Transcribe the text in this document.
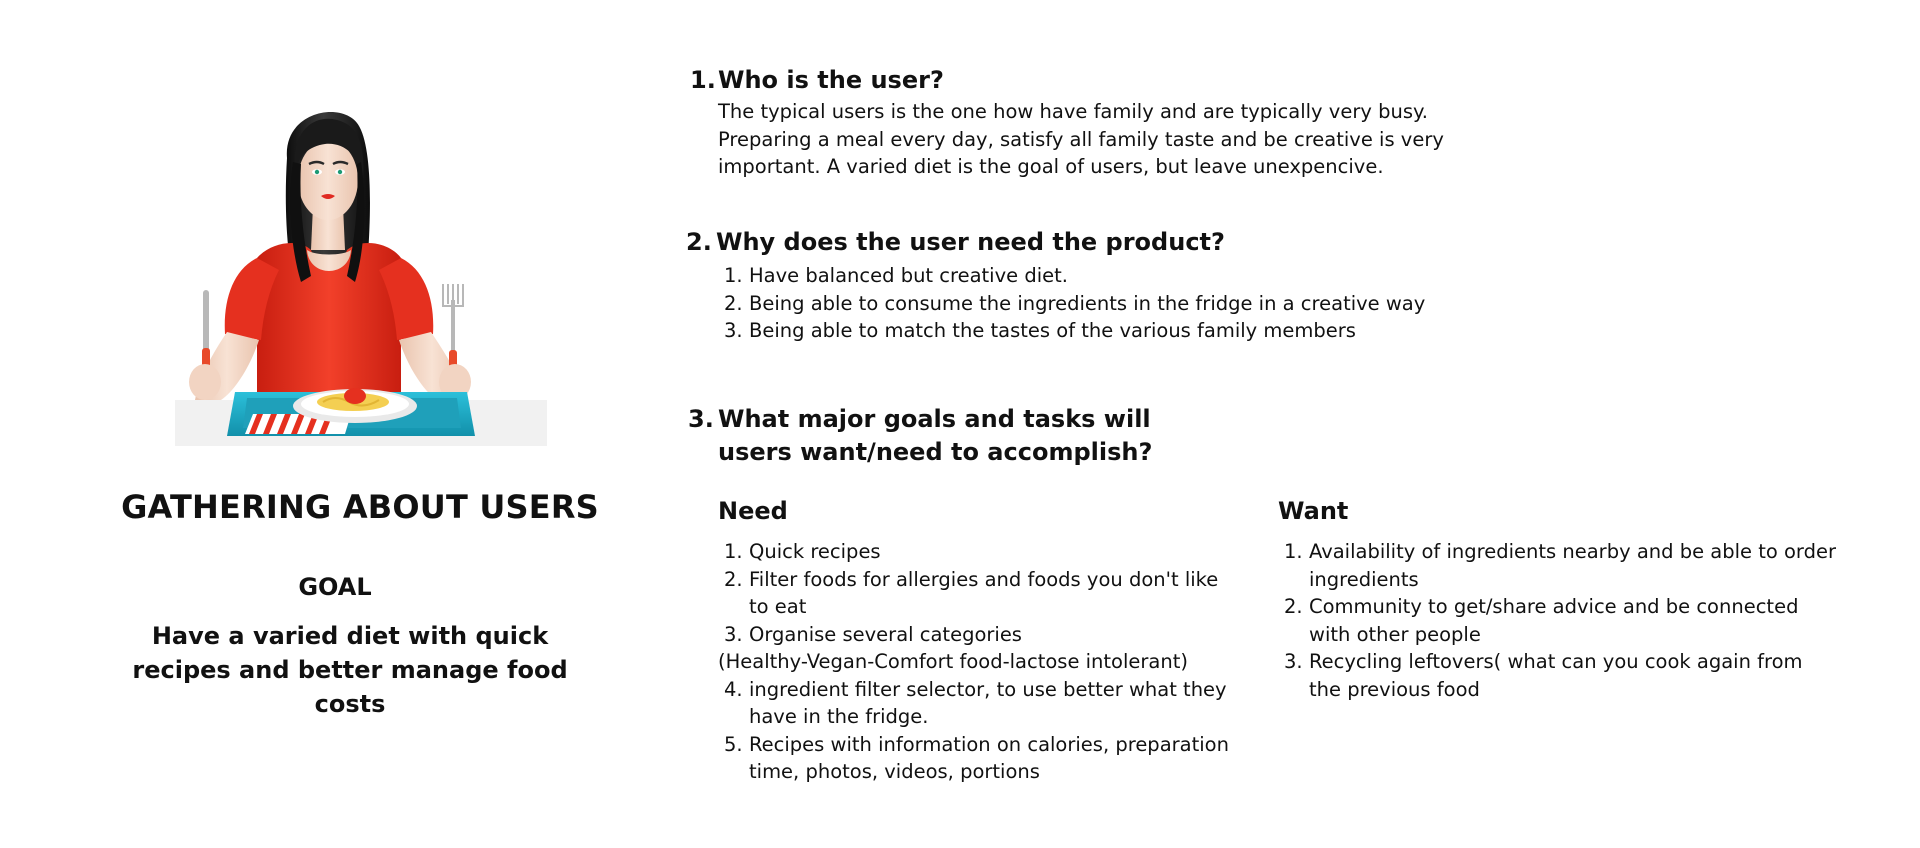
GATHERING ABOUT USERS
GOAL

Have a varied diet with quick recipes and better manage food costs

1. Who is the user?

The typical users is the one how have family and are typically very busy. Preparing a meal every day, satisfy all family taste and be creative is very important. A varied diet is the goal of users, but leave unexpencive.

2. Why does the user need the product?
1. Have balanced but creative diet.
2. Being able to consume the ingredients in the fridge in a creative way
3. Being able to match the tastes of the various family members
3. What major goals and tasks will
users want/need to accomplish?
Need
1. Quick recipes
2. Filter foods for allergies and foods you don't like to eat
3. Organise several categories
(Healthy-Vegan-Comfort food-lactose intolerant)
4. ingredient filter selector, to use better what they have in the fridge.
5. Recipes with information on calories, preparation time, photos, videos, portions
Want
1. Availability of ingredients nearby and be able to order ingredients
2. Community to get/share advice and be connected with other people
3. Recycling leftovers( what can you cook again from the previous food
